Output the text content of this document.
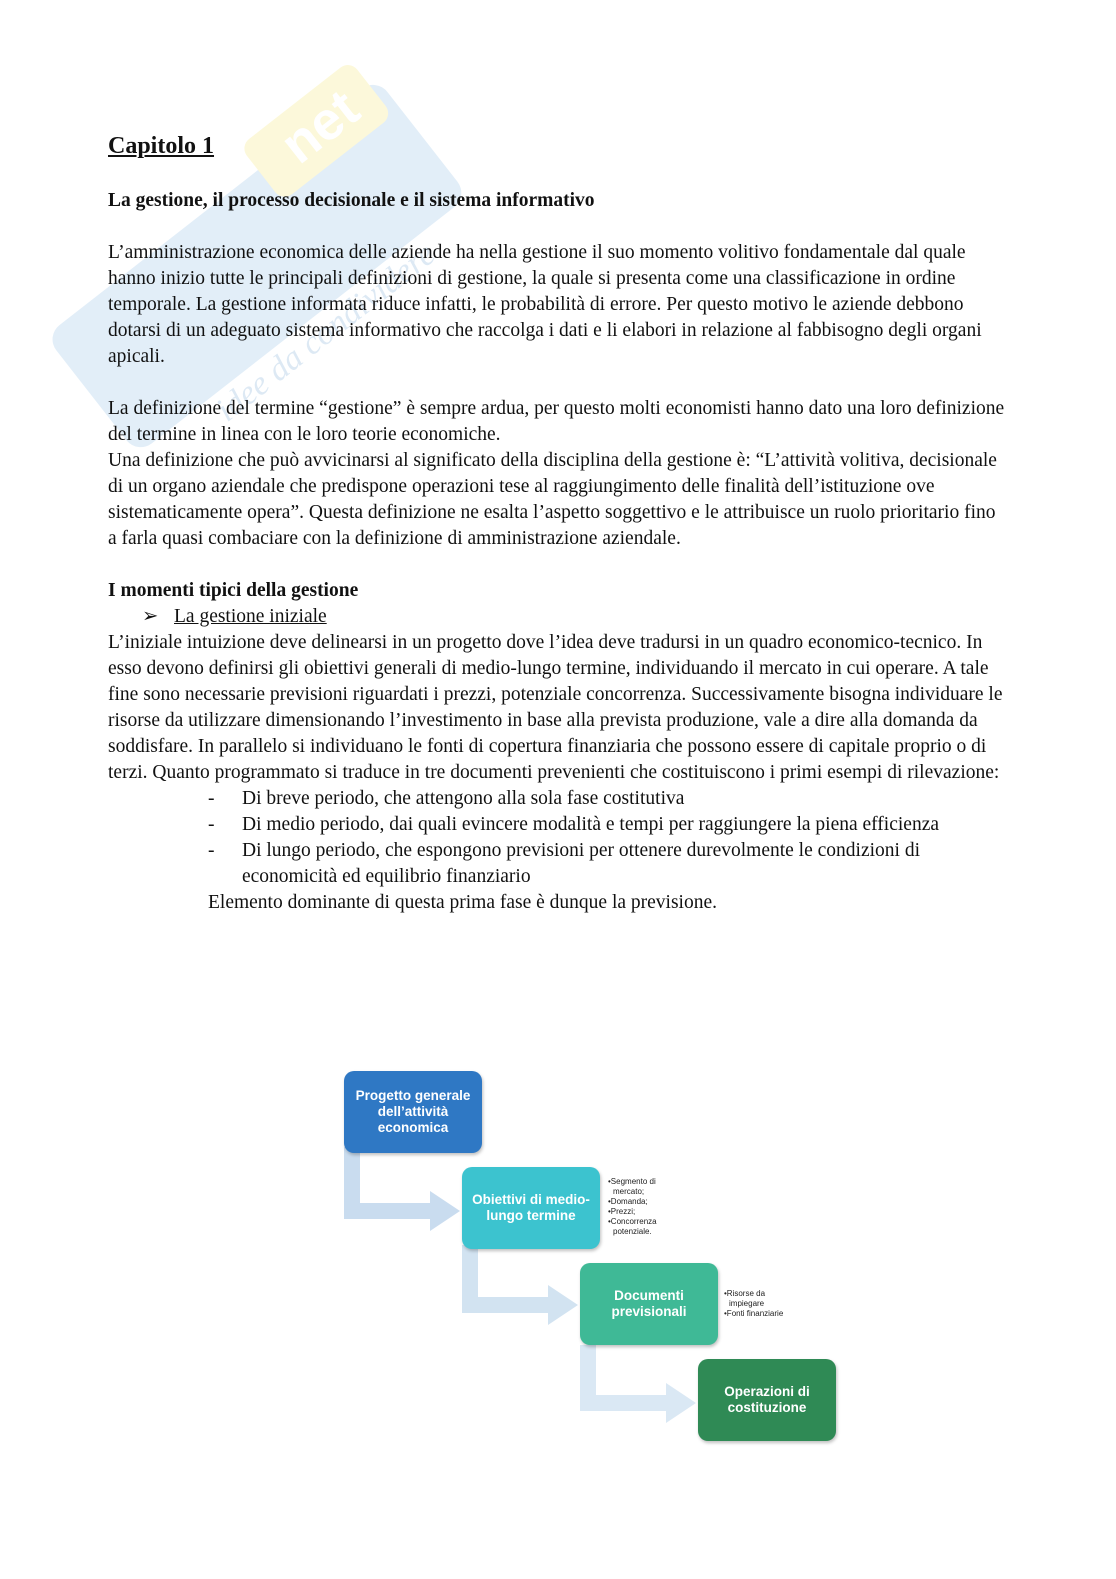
net
idee da condividere
Capitolo 1

La gestione, il processo decisionale e il sistema informativo

L’amministrazione economica delle aziende ha nella gestione il suo momento volitivo fondamentale dal quale hanno inizio tutte le principali definizioni di gestione, la quale si presenta come una classificazione in ordine temporale. La gestione informata riduce infatti, le probabilità di errore. Per questo motivo le aziende debbono dotarsi di un adeguato sistema informativo che raccolga i dati e li elabori in relazione al fabbisogno degli organi apicali.

La definizione del termine “gestione” è sempre ardua, per questo molti economisti hanno dato una loro definizione del termine in linea con le loro teorie economiche.

Una definizione che può avvicinarsi al significato della disciplina della gestione è: “L’attività volitiva, decisionale di un organo aziendale che predispone operazioni tese al raggiungimento delle finalità dell’istituzione ove sistematicamente opera”. Questa definizione ne esalta l’aspetto soggettivo e le attribuisce un ruolo prioritario fino a farla quasi combaciare con la definizione di amministrazione aziendale.

I momenti tipici della gestione

➢ La gestione iniziale

L’iniziale intuizione deve delinearsi in un progetto dove l’idea deve tradursi in un quadro economico-tecnico. In esso devono definirsi gli obiettivi generali di medio-lungo termine, individuando il mercato in cui operare. A tale fine sono necessarie previsioni riguardati i prezzi, potenziale concorrenza. Successivamente bisogna individuare le risorse da utilizzare dimensionando l’investimento in base alla prevista produzione, vale a dire alla domanda da soddisfare. In parallelo si individuano le fonti di copertura finanziaria che possono essere di capitale proprio o di terzi. Quanto programmato si traduce in tre documenti prevenienti che costituiscono i primi esempi di rilevazione:

- Di breve periodo, che attengono alla sola fase costitutiva
- Di medio periodo, dai quali evincere modalità e tempi per raggiungere la piena efficienza
- Di lungo periodo, che espongono previsioni per ottenere durevolmente le condizioni di economicità ed equilibrio finanziario

Elemento dominante di questa prima fase è dunque la previsione.

Progetto generale dell’attività economica
Obiettivi di medio-lungo termine
Documenti previsionali
Operazioni di costituzione
•Segmento di
mercato;
•Domanda;
•Prezzi;
•Concorrenza
potenziale.
•Risorse da
impiegare
•Fonti finanziarie
